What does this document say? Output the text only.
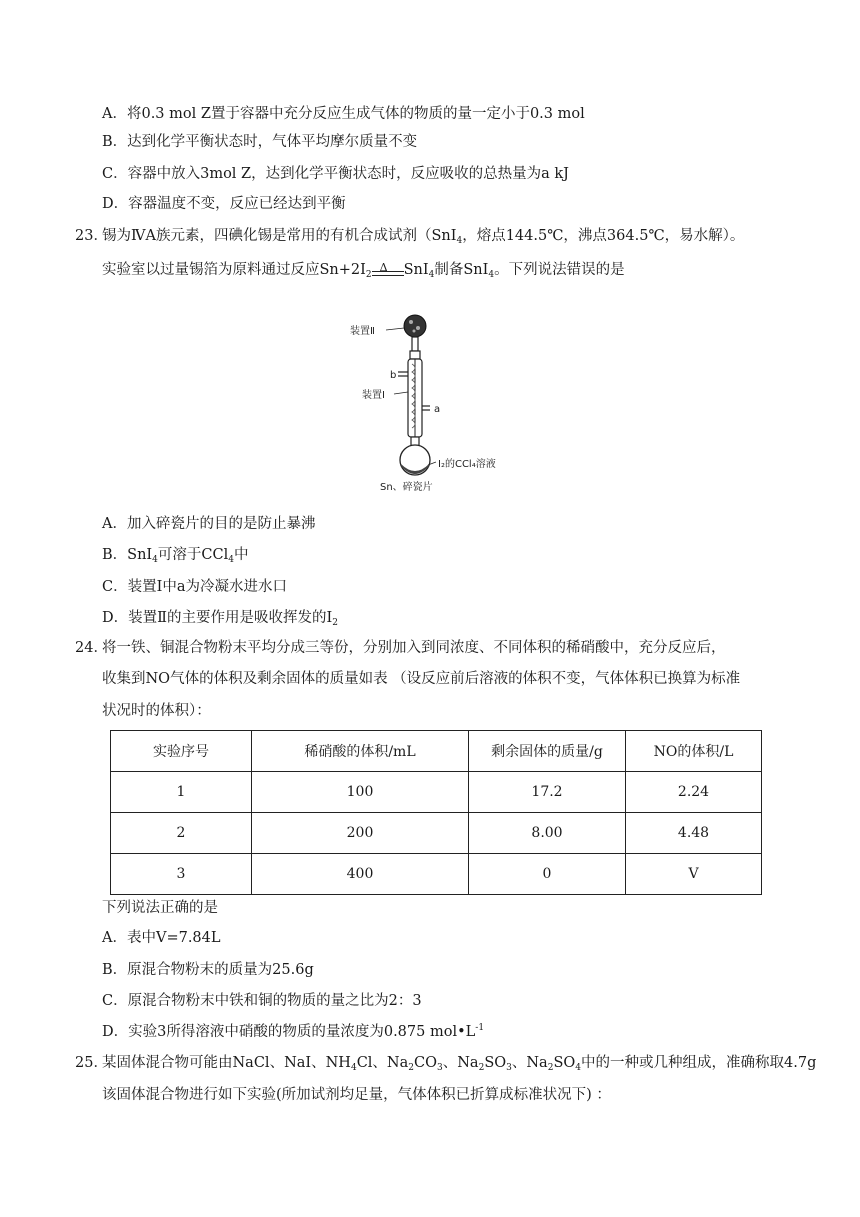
A．将0.3 mol Z置于容器中充分反应生成气体的物质的量一定小于0.3 mol
B．达到化学平衡状态时，气体平均摩尔质量不变
C．容器中放入3mol Z，达到化学平衡状态时，反应吸收的总热量为a kJ
D．容器温度不变，反应已经达到平衡
23．
锡为ⅣA族元素，四碘化锡是常用的有机合成试剂（SnI$_4$，熔点144.5℃，沸点364.5℃，易水解）。
实验室以过量锡箔为原料通过反应$Sn+2I_2$
Δ SnI$_4$制备SnI$_4$。下列说法错误的是
装置Ⅱ
b
装置Ⅰ
a
I₂的CCl₄溶液
Sn、碎瓷片
A．加入碎瓷片的目的是防止暴沸
B．SnI$_4$可溶于CCl$_4$中
C．装置Ⅰ中a为冷凝水进水口
D．装置Ⅱ的主要作用是吸收挥发的$I_2$
24．
将一铁、铜混合物粉末平均分成三等份，分别加入到同浓度、不同体积的稀硝酸中，充分反应后，
收集到NO气体的体积及剩余固体的质量如表 （设反应前后溶液的体积不变，气体体积已换算为标准
状况时的体积）：
实验序号	稀硝酸的体积/mL	剩余固体的质量/g	NO的体积/L
1	100	17.2	2.24
2	200	8.00	4.48
3	400	0	V
下列说法正确的是
A．表中V=7.84L
B．原混合物粉末的质量为25.6g
C．原混合物粉末中铁和铜的物质的量之比为2：3
D．实验3所得溶液中硝酸的物质的量浓度为0.875 $mol•L^{-1}$
25．
某固体混合物可能由NaCl、NaI、$NH_4Cl$、$Na_2CO_3$、$Na_2SO_3$、$Na_2SO_4$中的一种或几种组成，准确称取4.7g
该固体混合物进行如下实验(所加试剂均足量，气体体积已折算成标准状况下) ：
